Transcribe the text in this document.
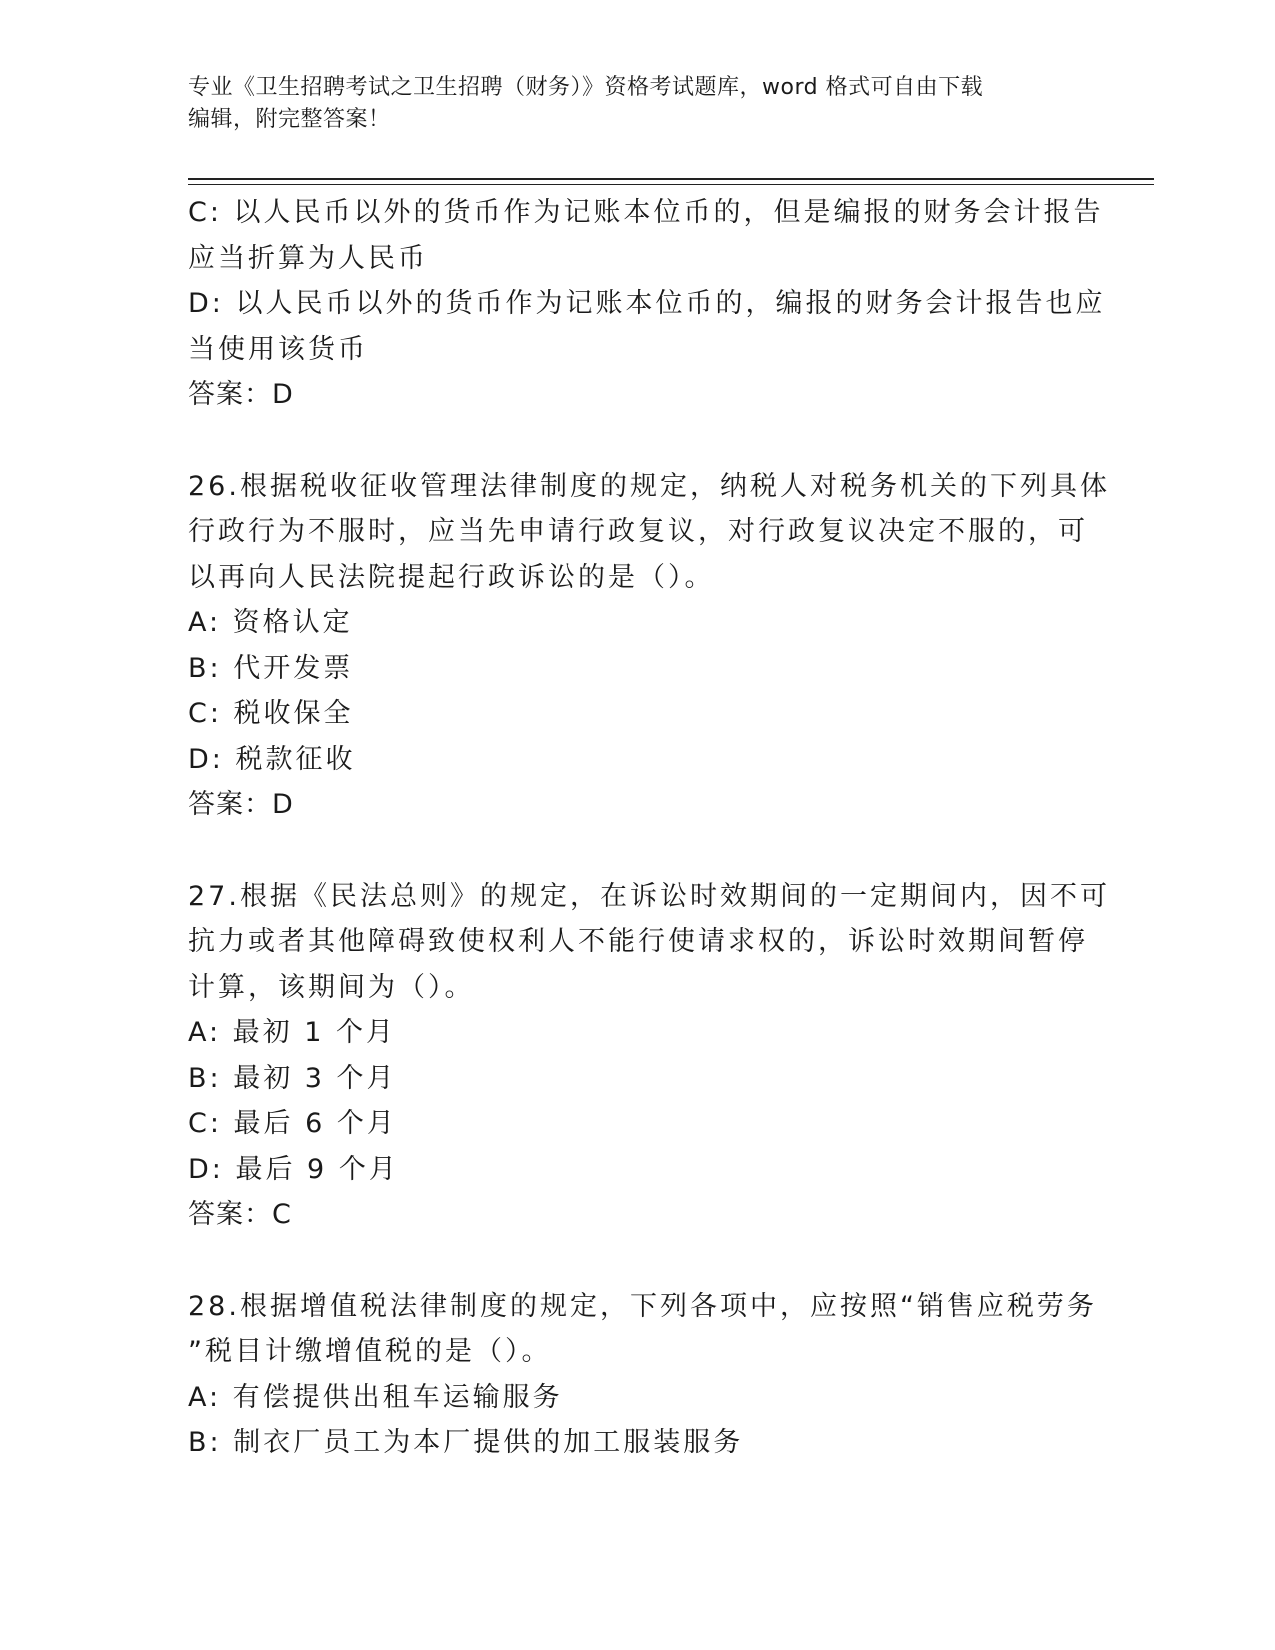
专业《卫生招聘考试之卫生招聘（财务）》资格考试题库，word 格式可自由下载
编辑，附完整答案！
C: 以人民币以外的货币作为记账本位币的，但是编报的财务会计报告
应当折算为人民币
D: 以人民币以外的货币作为记账本位币的，编报的财务会计报告也应
当使用该货币
答案：D
26.根据税收征收管理法律制度的规定，纳税人对税务机关的下列具体
行政行为不服时，应当先申请行政复议，对行政复议决定不服的，可
以再向人民法院提起行政诉讼的是（）。
A: 资格认定
B: 代开发票
C: 税收保全
D: 税款征收
答案：D
27.根据《民法总则》的规定，在诉讼时效期间的一定期间内，因不可
抗力或者其他障碍致使权利人不能行使请求权的，诉讼时效期间暂停
计算，该期间为（）。
A: 最初 1 个月
B: 最初 3 个月
C: 最后 6 个月
D: 最后 9 个月
答案：C
28.根据增值税法律制度的规定，下列各项中，应按照“销售应税劳务
”税目计缴增值税的是（）。
A: 有偿提供出租车运输服务
B: 制衣厂员工为本厂提供的加工服装服务
